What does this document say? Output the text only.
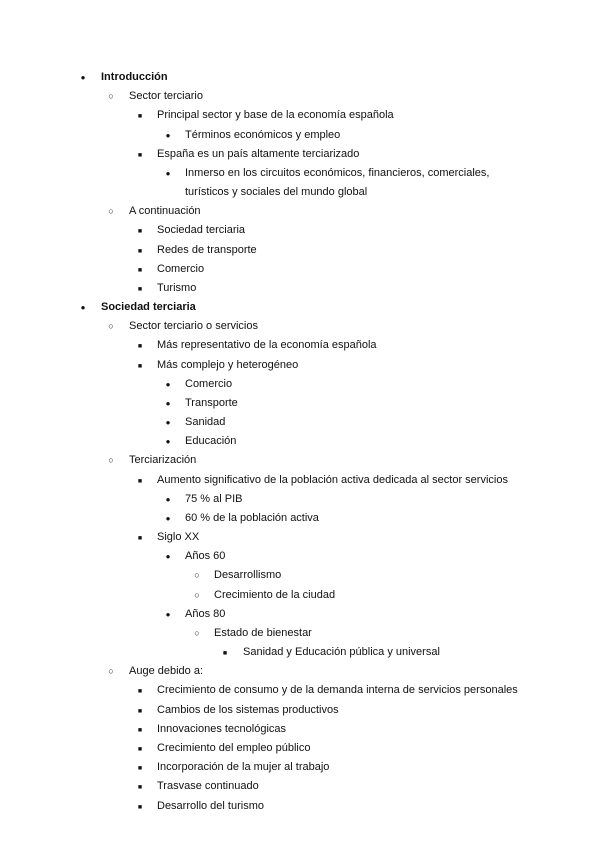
●
Introducción
○
Sector terciario
■
Principal sector y base de la economía española
●
Términos económicos y empleo
■
España es un país altamente terciarizado
●
Inmerso en los circuitos económicos, financieros, comerciales,
turísticos y sociales del mundo global
○
A continuación
■
Sociedad terciaria
■
Redes de transporte
■
Comercio
■
Turismo
●
Sociedad terciaria
○
Sector terciario o servicios
■
Más representativo de la economía española
■
Más complejo y heterogéneo
●
Comercio
●
Transporte
●
Sanidad
●
Educación
○
Terciarización
■
Aumento significativo de la población activa dedicada al sector servicios
●
75 % al PIB
●
60 % de la población activa
■
Siglo XX
●
Años 60
○
Desarrollismo
○
Crecimiento de la ciudad
●
Años 80
○
Estado de bienestar
■
Sanidad y Educación pública y universal
○
Auge debido a:
■
Crecimiento de consumo y de la demanda interna de servicios personales
■
Cambios de los sistemas productivos
■
Innovaciones tecnológicas
■
Crecimiento del empleo público
■
Incorporación de la mujer al trabajo
■
Trasvase continuado
■
Desarrollo del turismo
